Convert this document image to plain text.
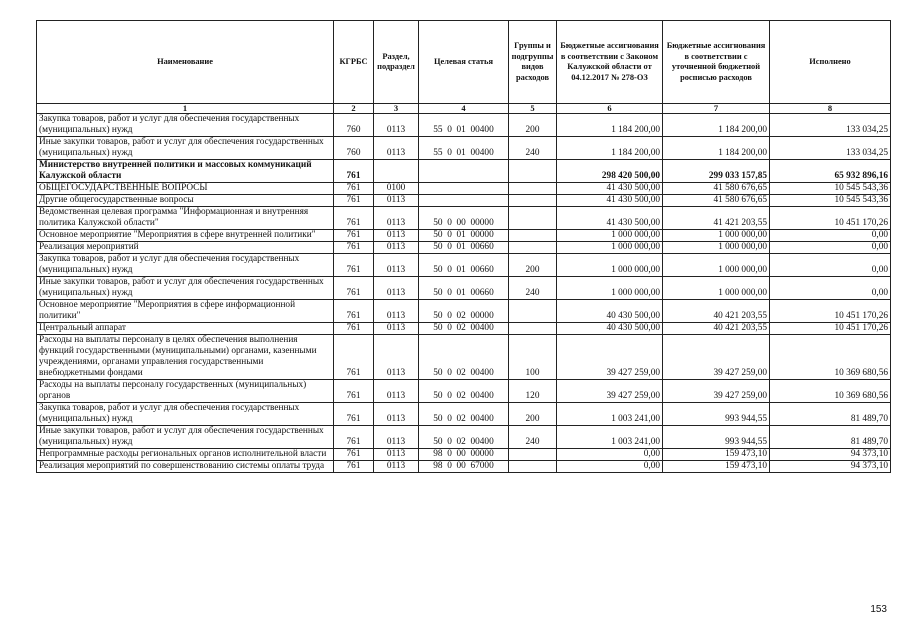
Наименование	КГРБС	Раздел, подраздел	Целевая статья	Группы и подгруппы видов расходов	Бюджетные ассигнования в соответствии с Законом Калужской области от 04.12.2017 № 278-ОЗ	Бюджетные ассигнования в соответствии с уточненной бюджетной росписью расходов	Исполнено
1	2	3	4	5	6	7	8
Закупка товаров, работ и услуг для обеспечения государственных (муниципальных) нужд	760	0113	55  0  01  00400	200	1 184 200,00	1 184 200,00	133 034,25
Иные закупки товаров, работ и услуг для обеспечения государственных (муниципальных) нужд	760	0113	55  0  01  00400	240	1 184 200,00	1 184 200,00	133 034,25
Министерство внутренней политики и массовых коммуникаций Калужской области	761				298 420 500,00	299 033 157,85	65 932 896,16
ОБЩЕГОСУДАРСТВЕННЫЕ ВОПРОСЫ	761	0100			41 430 500,00	41 580 676,65	10 545 543,36
Другие общегосударственные вопросы	761	0113			41 430 500,00	41 580 676,65	10 545 543,36
Ведомственная целевая программа "Информационная и внутренняя политика Калужской области"	761	0113	50  0  00  00000		41 430 500,00	41 421 203,55	10 451 170,26
Основное мероприятие "Мероприятия в сфере внутренней политики"	761	0113	50  0  01  00000		1 000 000,00	1 000 000,00	0,00
Реализация мероприятий	761	0113	50  0  01  00660		1 000 000,00	1 000 000,00	0,00
Закупка товаров, работ и услуг для обеспечения государственных (муниципальных) нужд	761	0113	50  0  01  00660	200	1 000 000,00	1 000 000,00	0,00
Иные закупки товаров, работ и услуг для обеспечения государственных (муниципальных) нужд	761	0113	50  0  01  00660	240	1 000 000,00	1 000 000,00	0,00
Основное мероприятие "Мероприятия в сфере информационной политики"	761	0113	50  0  02  00000		40 430 500,00	40 421 203,55	10 451 170,26
Центральный аппарат	761	0113	50  0  02  00400		40 430 500,00	40 421 203,55	10 451 170,26
Расходы на выплаты персоналу в целях обеспечения выполнения функций государственными (муниципальными) органами, казенными учреждениями, органами управления государственными внебюджетными фондами	761	0113	50  0  02  00400	100	39 427 259,00	39 427 259,00	10 369 680,56
Расходы на выплаты персоналу государственных (муниципальных) органов	761	0113	50  0  02  00400	120	39 427 259,00	39 427 259,00	10 369 680,56
Закупка товаров, работ и услуг для обеспечения государственных (муниципальных) нужд	761	0113	50  0  02  00400	200	1 003 241,00	993 944,55	81 489,70
Иные закупки товаров, работ и услуг для обеспечения государственных (муниципальных) нужд	761	0113	50  0  02  00400	240	1 003 241,00	993 944,55	81 489,70
Непрограммные расходы региональных органов исполнительной власти	761	0113	98  0  00  00000		0,00	159 473,10	94 373,10
Реализация мероприятий по совершенствованию системы оплаты труда	761	0113	98  0  00  67000		0,00	159 473,10	94 373,10
153
